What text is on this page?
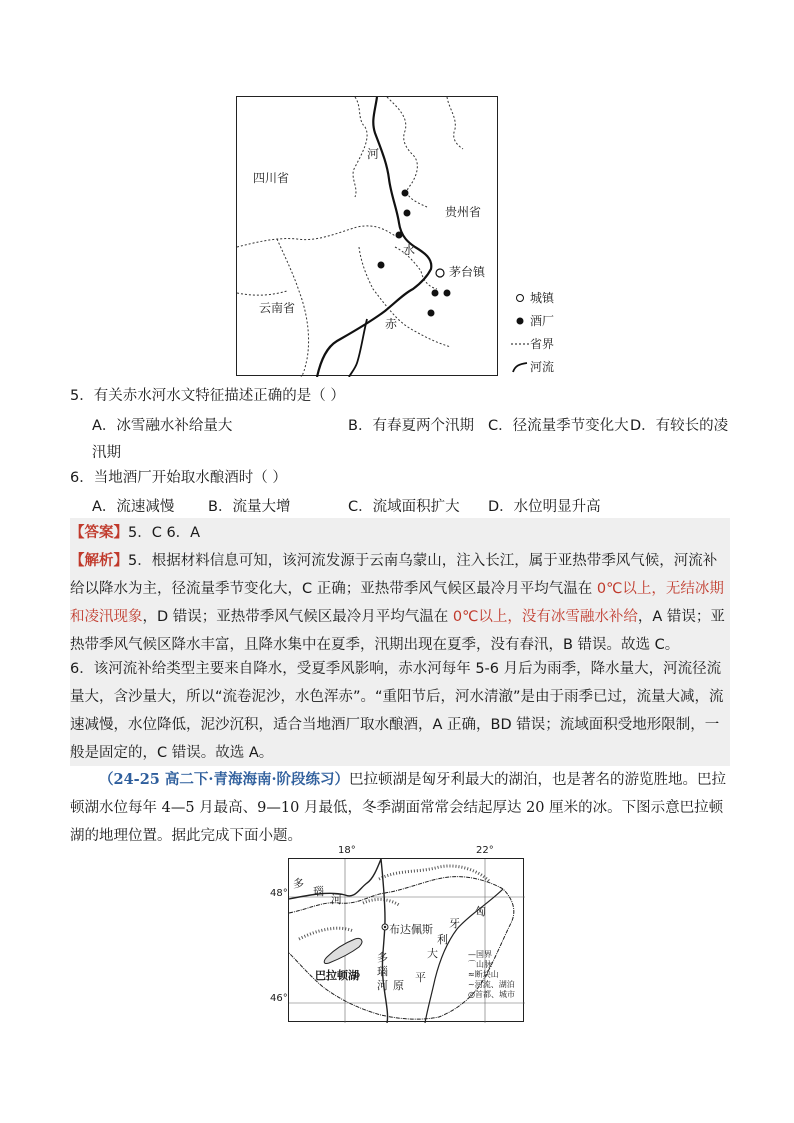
四川省
贵州省
云南省
茅台镇
河
水
赤
城镇
酒厂
省界
河流
5．有关赤水河水文特征描述正确的是（ ）
A．冰雪融水补给量大	B．有春夏两个汛期 C．径流量季节变化大 D．有较长的凌
汛期
6．当地酒厂开始取水酿酒时（ ）
A．流速减慢 B．流量大增	C．流域面积扩大 D．水位明显升高
【答案】5．C 6．A
【解析】5．根据材料信息可知，该河流发源于云南乌蒙山，注入长江，属于亚热带季风气候，河流补给以降水为主，径流量季节变化大，C 正确；亚热带季风气候区最冷月平均气温在 0℃以上，无结冰期和凌汛现象，D 错误；亚热带季风气候区最冷月平均气温在 0℃以上，没有冰雪融水补给，A 错误；亚热带季风气候区降水丰富，且降水集中在夏季，汛期出现在夏季，没有春汛，B 错误。故选 C。
6．该河流补给类型主要来自降水，受夏季风影响，赤水河每年 5-6 月后为雨季，降水量大，河流径流量大，含沙量大，所以“流卷泥沙，水色浑赤”。“重阳节后，河水清澈”是由于雨季已过，流量大减，流速减慢，水位降低，泥沙沉积，适合当地酒厂取水酿酒，A 正确，BD 错误；流域面积受地形限制，一般是固定的，C 错误。故选 A。
（24-25 高二下·青海海南·阶段练习）巴拉顿湖是匈牙利最大的湖泊，也是著名的游览胜地。巴拉顿湖水位每年 4—5 月最高、9—10 月最低，冬季湖面常常会结起厚达 20 厘米的冰。下图示意巴拉顿湖的地理位置。据此完成下面小题。
18°	22°
48°
46°
多
瑙
河
布达佩斯
匈
牙
利
大
平
原
多
瑙
河
巴拉顿湖
—国界
⌒山脉
≈断块山
~河流、湖泊
◎首都、城市
